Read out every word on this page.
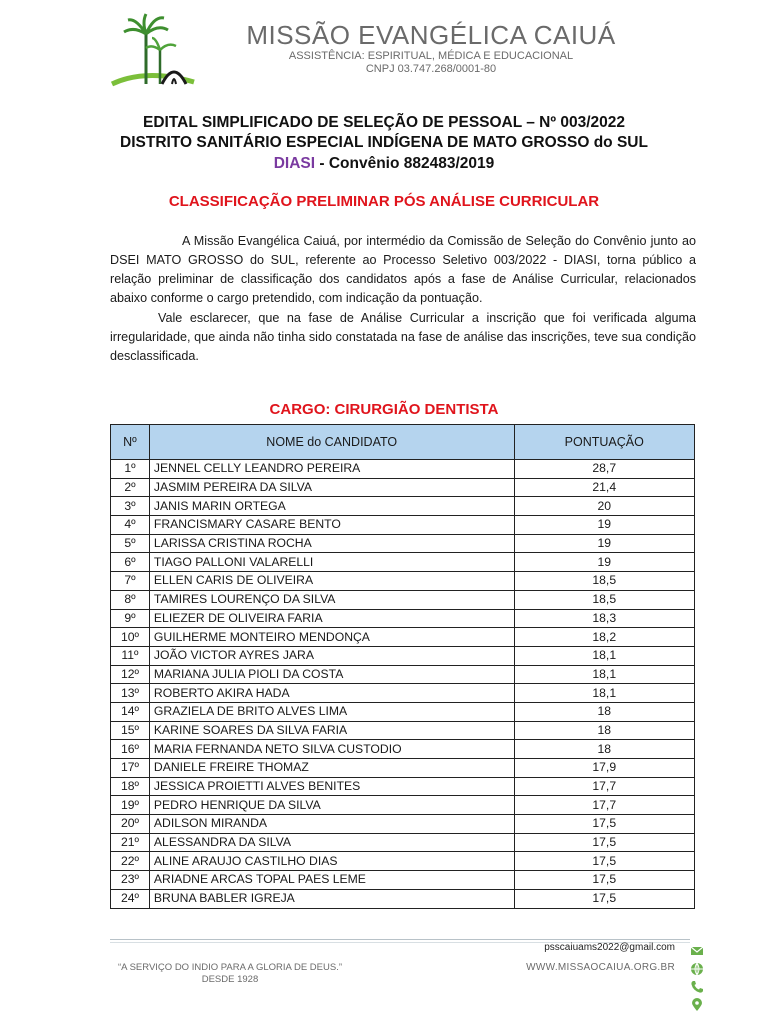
MISSÃO EVANGÉLICA CAIUÁ
ASSISTÊNCIA: ESPIRITUAL, MÉDICA E EDUCACIONAL
CNPJ 03.747.268/0001-80
EDITAL SIMPLIFICADO DE SELEÇÃO DE PESSOAL – Nº 003/2022
DISTRITO SANITÁRIO ESPECIAL INDÍGENA DE MATO GROSSO do SUL
DIASI - Convênio 882483/2019
CLASSIFICAÇÃO PRELIMINAR PÓS ANÁLISE CURRICULAR
A Missão Evangélica Caiuá, por intermédio da Comissão de Seleção do Convênio junto ao DSEI MATO GROSSO do SUL, referente ao Processo Seletivo 003/2022 - DIASI, torna público a relação preliminar de classificação dos candidatos após a fase de Análise Curricular, relacionados abaixo conforme o cargo pretendido, com indicação da pontuação.
Vale esclarecer, que na fase de Análise Curricular a inscrição que foi verificada alguma irregularidade, que ainda não tinha sido constatada na fase de análise das inscrições, teve sua condição desclassificada.
CARGO: CIRURGIÃO DENTISTA
Nº	NOME do CANDIDATO	PONTUAÇÃO
1º	JENNEL CELLY LEANDRO PEREIRA	28,7
2º	JASMIM PEREIRA DA SILVA	21,4
3º	JANIS MARIN ORTEGA	20
4º	FRANCISMARY CASARE BENTO	19
5º	LARISSA CRISTINA ROCHA	19
6º	TIAGO PALLONI VALARELLI	19
7º	ELLEN CARIS DE OLIVEIRA	18,5
8º	TAMIRES LOURENÇO DA SILVA	18,5
9º	ELIEZER DE OLIVEIRA FARIA	18,3
10º	GUILHERME MONTEIRO MENDONÇA	18,2
11º	JOÃO VICTOR AYRES JARA	18,1
12º	MARIANA JULIA PIOLI DA COSTA	18,1
13º	ROBERTO AKIRA HADA	18,1
14º	GRAZIELA DE BRITO ALVES LIMA	18
15º	KARINE SOARES DA SILVA FARIA	18
16º	MARIA FERNANDA NETO SILVA CUSTODIO	18
17º	DANIELE FREIRE THOMAZ	17,9
18º	JESSICA PROIETTI ALVES BENITES	17,7
19º	PEDRO HENRIQUE DA SILVA	17,7
20º	ADILSON MIRANDA	17,5
21º	ALESSANDRA DA SILVA	17,5
22º	ALINE ARAUJO CASTILHO DIAS	17,5
23º	ARIADNE ARCAS TOPAL PAES LEME	17,5
24º	BRUNA BABLER IGREJA	17,5
“A SERVIÇO DO INDIO PARA A GLORIA DE DEUS.”
DESDE 1928
psscaiuams2022@gmail.com
WWW.MISSAOCAIUA.ORG.BR
